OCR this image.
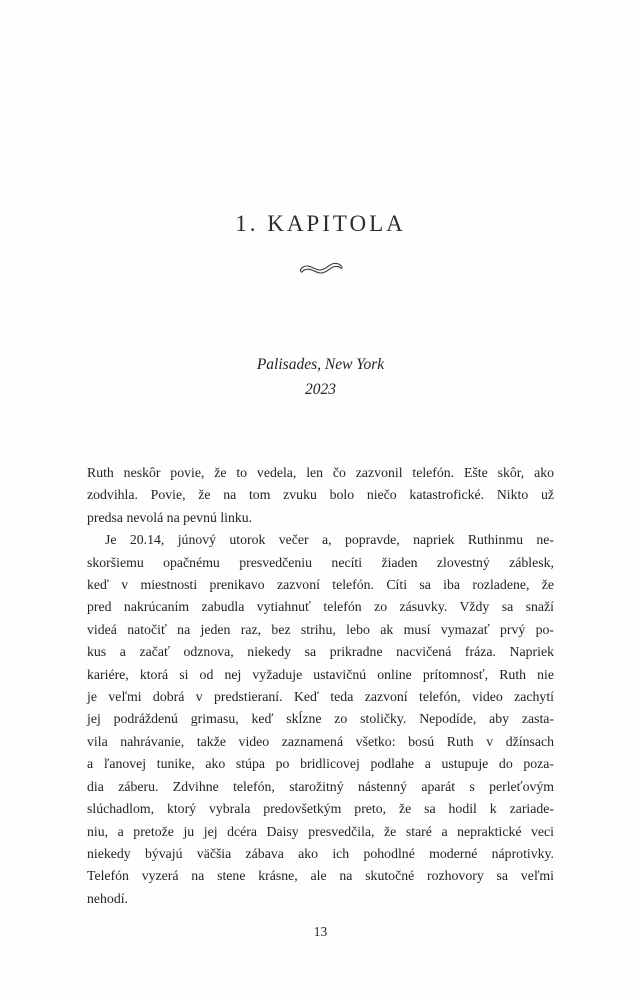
1. KAPITOLA
Palisades, New York
2023
Ruth neskôr povie, že to vedela, len čo zazvonil telefón. Ešte skôr, ako
zodvihla. Povie, že na tom zvuku bolo niečo katastrofické. Nikto už
predsa nevolá na pevnú linku.
Je 20.14, júnový utorok večer a, popravde, napriek Ruthinmu ne-
skoršiemu opačnému presvedčeniu necíti žiaden zlovestný záblesk,
keď v miestnosti prenikavo zazvoní telefón. Cíti sa iba rozladene, že
pred nakrúcaním zabudla vytiahnuť telefón zo zásuvky. Vždy sa snaží
videá natočiť na jeden raz, bez strihu, lebo ak musí vymazať prvý po-
kus a začať odznova, niekedy sa prikradne nacvičená fráza. Napriek
kariére, ktorá si od nej vyžaduje ustavičnú online prítomnosť, Ruth nie
je veľmi dobrá v predstieraní. Keď teda zazvoní telefón, video zachytí
jej podráždenú grimasu, keď skĺzne zo stoličky. Nepodíde, aby zasta-
vila nahrávanie, takže video zaznamená všetko: bosú Ruth v džínsach
a ľanovej tunike, ako stúpa po bridlicovej podlahe a ustupuje do poza-
dia záberu. Zdvihne telefón, starožitný nástenný aparát s perleťovým
slúchadlom, ktorý vybrala predovšetkým preto, že sa hodil k zariade-
niu, a pretože ju jej dcéra Daisy presvedčila, že staré a nepraktické veci
niekedy bývajú väčšia zábava ako ich pohodlné moderné náprotivky.
Telefón vyzerá na stene krásne, ale na skutočné rozhovory sa veľmi
nehodí.
13
